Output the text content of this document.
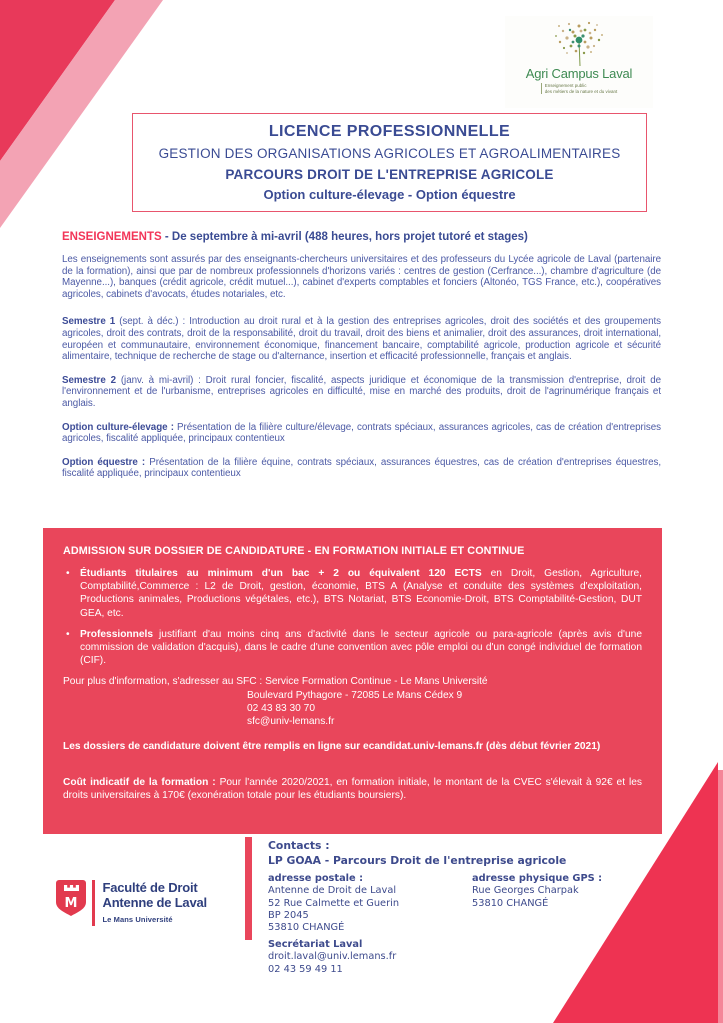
Agri Campus Laval
Enseignement public
des métiers de la nature et du vivant
LICENCE PROFESSIONNELLE
GESTION DES ORGANISATIONS AGRICOLES ET AGROALIMENTAIRES
PARCOURS DROIT DE L'ENTREPRISE AGRICOLE
Option culture-élevage - Option équestre
ENSEIGNEMENTS - De septembre à mi-avril (488 heures, hors projet tutoré et stages)

Les enseignements sont assurés par des enseignants-chercheurs universitaires et des professeurs du Lycée agricole de Laval (partenaire de la formation), ainsi que par de nombreux professionnels d'horizons variés : centres de gestion (Cerfrance...), chambre d'agriculture (de Mayenne...), banques (crédit agricole, crédit mutuel...), cabinet d'experts comptables et fonciers (Altonéo, TGS France, etc.), coopératives agricoles, cabinets d'avocats, études notariales, etc.

Semestre 1 (sept. à déc.) : Introduction au droit rural et à la gestion des entreprises agricoles, droit des sociétés et des groupements agricoles, droit des contrats, droit de la responsabilité, droit du travail, droit des biens et animalier, droit des assurances, droit international, européen et communautaire, environnement économique, financement bancaire, comptabilité agricole, production agricole et sécurité alimentaire, technique de recherche de stage ou d'alternance, insertion et efficacité professionnelle, français et anglais.

Semestre 2 (janv. à mi-avril) : Droit rural foncier, fiscalité, aspects juridique et économique de la transmission d'entreprise, droit de l'environnement et de l'urbanisme, entreprises agricoles en difficulté, mise en marché des produits, droit de l'agrinumérique français et anglais.

Option culture-élevage : Présentation de la filière culture/élevage, contrats spéciaux, assurances agricoles, cas de création d'entreprises agricoles, fiscalité appliquée, principaux contentieux

Option équestre : Présentation de la filière équine, contrats spéciaux, assurances équestres, cas de création d'entreprises équestres, fiscalité appliquée, principaux contentieux

ADMISSION SUR DOSSIER DE CANDIDATURE - EN FORMATION INITIALE ET CONTINUE
•	Étudiants titulaires au minimum d'un bac + 2 ou équivalent 120 ECTS en Droit, Gestion, Agriculture, Comptabilité,Commerce : L2 de Droit, gestion, économie, BTS A (Analyse et conduite des systèmes d'exploitation, Productions animales, Productions végétales, etc.), BTS Notariat, BTS Economie-Droit, BTS Comptabilité-Gestion, DUT GEA, etc.
•	Professionnels justifiant d'au moins cinq ans d'activité dans le secteur agricole ou para-agricole (après avis d'une commission de validation d'acquis), dans le cadre d'une convention avec pôle emploi ou d'un congé individuel de formation (CIF).
Pour plus d'information, s'adresser au SFC : Service Formation Continue - Le Mans Université
Boulevard Pythagore - 72085 Le Mans Cédex 9
02 43 83 30 70
sfc@univ-lemans.fr
Les dossiers de candidature doivent être remplis en ligne sur ecandidat.univ-lemans.fr (dès début février 2021)
Coût indicatif de la formation : Pour l'année 2020/2021, en formation initiale, le montant de la CVEC s'élevait à 92€ et les droits universitaires à 170€ (exonération totale pour les étudiants boursiers).
Contacts :
LP GOAA - Parcours Droit de l'entreprise agricole
adresse postale :
Antenne de Droit de Laval
52 Rue Calmette et Guerin
BP 2045
53810 CHANGÉ
adresse physique GPS :
Rue Georges Charpak
53810 CHANGÉ
Secrétariat Laval
droit.laval@univ.lemans.fr
02 43 59 49 11
M
Faculté de Droit
Antenne de Laval
Le Mans Université
